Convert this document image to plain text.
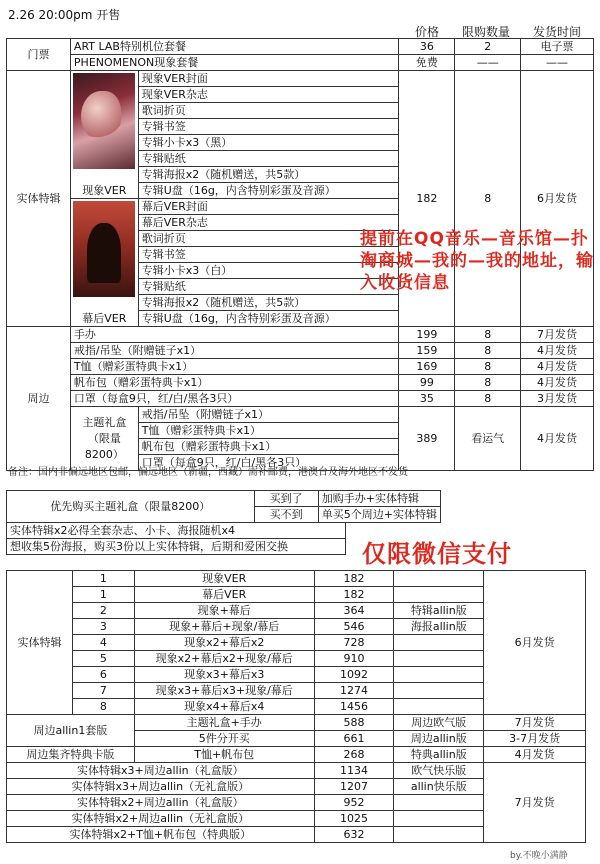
2.26 20:00pm 开售
价格 限购数量 发货时间
门票	ART LAB特别机位套餐		36	2	电子票
	PHENOMENON现象套餐		免费	——	——
实体特辑	现象VER	现象VER封面	182	8	6月发货
		现象VER杂志			
		歌词折页			
		专辑书签			
		专辑小卡x3（黑）			
		专辑贴纸			
		专辑海报x2（随机赠送，共5款）			
		专辑U盘（16g，内含特别彩蛋及音源）			

	幕后VER	幕后VER封面			
		幕后VER杂志			
		歌词折页			
		专辑书签			
		专辑小卡x3（白）			
		专辑贴纸			
		专辑海报x2（随机赠送，共5款）			
		专辑U盘（16g，内含特别彩蛋及音源）			
周边	手办		199	8	7月发货
	戒指/吊坠（附赠链子x1）		159	8	4月发货
	T恤（赠彩蛋特典卡x1）		169	8	4月发货
	帆布包（赠彩蛋特典卡x1）		99	8	4月发货
	口罩（每盒9只，红/白/黑各3只）		35	8	3月发货
	主题礼盒（限量8200）	戒指/吊坠（附赠链子x1）	389	看运气	4月发货
		T恤（赠彩蛋特典卡x1）			
		帆布包（赠彩蛋特典卡x1）			
		口罩（每盒9只，红/白/黑各3只）			
提前在QQ音乐—音乐馆—扑淘商城—我的—我的地址，输入收货信息
备注：国内非偏远地区包邮，偏远地区（新疆，西藏）需补邮费，港澳台及海外地区不发货
优先购买主题礼盒（限量8200）	买到了	加购手办+实体特辑
	买不到	单买5个周边+实体特辑
实体特辑x2必得全套杂志、小卡、海报随机x4
想收集5份海报，购买3份以上实体特辑，后期和爱困交换	仅限微信支付
实体特辑	1	现象VER	182		6月发货
	1	幕后VER	182		
	2	现象+幕后	364	特辑allin版	
	3	现象+幕后+现象/幕后	546	海报allin版	
	4	现象x2+幕后x2	728		
	5	现象x2+幕后x2+现象/幕后	910		
	6	现象x3+幕后x3	1092		
	7	现象x3+幕后x3+现象/幕后	1274		
	8	现象x4+幕后x4	1456		
周边allin1套版		主题礼盒+手办	588	周边欧气版	7月发货
		5件分开买	661	周边allin版	3-7月发货
周边集齐特典卡版		T恤+帆布包	268	特典allin版	4月发货
实体特辑x3+周边allin（礼盒版）			1134	欧气快乐版	7月发货
实体特辑x3+周边allin（无礼盒版）			1207	allin快乐版	
实体特辑x2+周边allin（礼盒版）			952		
实体特辑x2+周边allin（无礼盒版）			1025		
实体特辑x2+T恤+帆布包（特典版）			632		
by.不晚小满静
